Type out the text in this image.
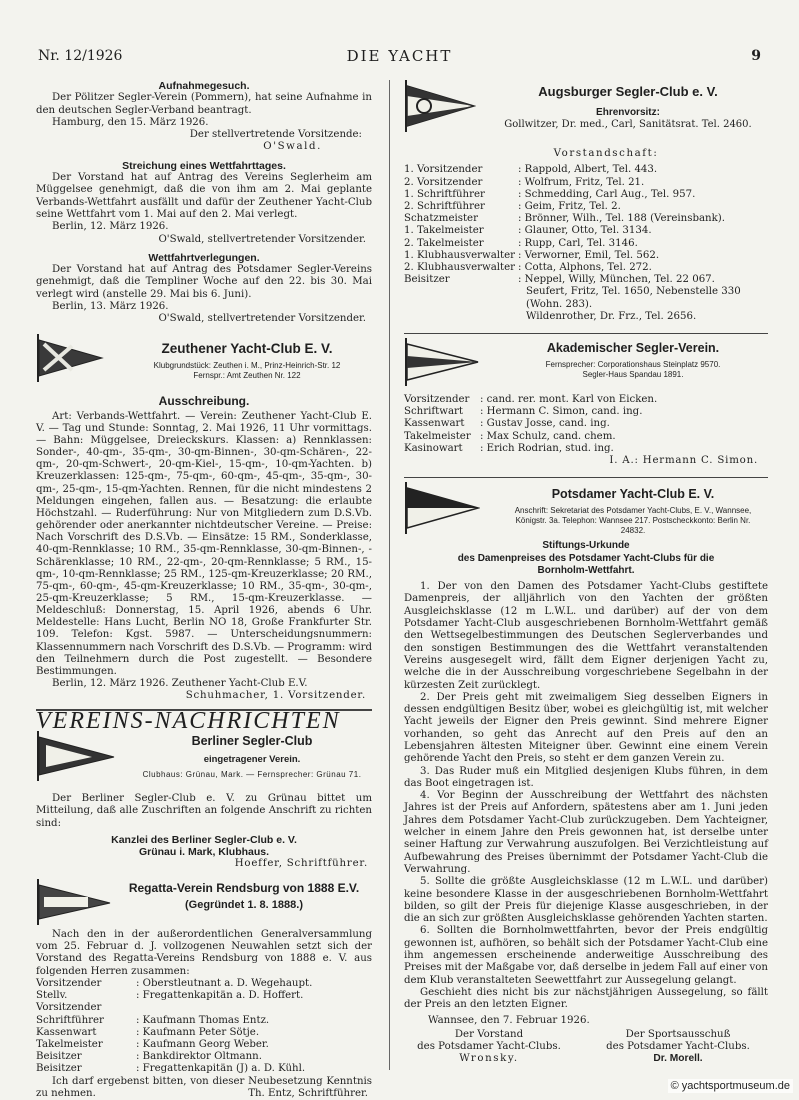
Nr. 12/1926	DIE YACHT	9

Aufnahmegesuch.

Der Pölitzer Segler-Verein (Pommern), hat seine Aufnahme in den deutschen Segler-Verband beantragt.

Hamburg, den 15. März 1926.

Der stellvertretende Vorsitzende:

O'Swald.

Streichung eines Wettfahrttages.

Der Vorstand hat auf Antrag des Vereins Seglerheim am Müggelsee genehmigt, daß die von ihm am 2. Mai geplante Verbands-Wettfahrt ausfällt und dafür der Zeuthener Yacht-Club seine Wettfahrt vom 1. Mai auf den 2. Mai verlegt.

Berlin, 12. März 1926.

O'Swald, stellvertretender Vorsitzender.

Wettfahrtverlegungen.

Der Vorstand hat auf Antrag des Potsdamer Segler-Vereins genehmigt, daß die Templiner Woche auf den 22. bis 30. Mai verlegt wird (anstelle 29. Mai bis 6. Juni).

Berlin, 13. März 1926.

O'Swald, stellvertretender Vorsitzender.

Zeuthener Yacht-Club E. V.
Klubgrundstück: Zeuthen i. M., Prinz-Heinrich-Str. 12
Fernspr.: Amt Zeuthen Nr. 122

Ausschreibung.

Art: Verbands-Wettfahrt. — Verein: Zeuthener Yacht-Club E. V. — Tag und Stunde: Sonntag, 2. Mai 1926, 11 Uhr vormittags. — Bahn: Müggelsee, Dreieckskurs. Klassen: a) Rennklassen: Sonder-, 40-qm-, 35-qm-, 30-qm-Binnen-, 30-qm-Schären-, 22-qm-, 20-qm-Schwert-, 20-qm-Kiel-, 15-qm-, 10-qm-Yachten. b) Kreuzerklassen: 125-qm-, 75-qm-, 60-qm-, 45-qm-, 35-qm-, 30-qm-, 25-qm-, 15-qm-Yachten. Rennen, für die nicht mindestens 2 Meldungen eingehen, fallen aus. — Besatzung: die erlaubte Höchstzahl. — Ruderführung: Nur von Mitgliedern zum D.S.Vb. gehörender oder anerkannter nichtdeutscher Vereine. — Preise: Nach Vorschrift des D.S.Vb. — Einsätze: 15 RM., Sonderklasse, 40-qm-Rennklasse; 10 RM., 35-qm-Rennklasse, 30-qm-Binnen-, -Schärenklasse; 10 RM., 22-qm-, 20-qm-Rennklasse; 5 RM., 15-qm-, 10-qm-Rennklasse; 25 RM., 125-qm-Kreuzerklasse; 20 RM., 75-qm-, 60-qm-, 45-qm-Kreuzerklasse; 10 RM., 35-qm-, 30-qm-, 25-qm-Kreuzerklasse; 5 RM., 15-qm-Kreuzerklasse. — Meldeschluß: Donnerstag, 15. April 1926, abends 6 Uhr. Meldestelle: Hans Lucht, Berlin NO 18, Große Frankfurter Str. 109. Telefon: Kgst. 5987. — Unterscheidungsnummern: Klassennummern nach Vorschrift des D.S.Vb. — Programm: wird den Teilnehmern durch die Post zugestellt. — Besondere Bestimmungen.

Berlin, 12. März 1926. Zeuthener Yacht-Club E.V.

Schuhmacher, 1. Vorsitzender.

VEREINS-NACHRICHTEN
Berliner Segler-Club
eingetragener Verein.
Clubhaus: Grünau, Mark. — Fernsprecher: Grünau 71.

Der Berliner Segler-Club e. V. zu Grünau bittet um Mitteilung, daß alle Zuschriften an folgende Anschrift zu richten sind:

Kanzlei des Berliner Segler-Club e. V.

Grünau i. Mark, Klubhaus.

Hoeffer, Schriftführer.

Regatta-Verein Rendsburg von 1888 E.V.
(Gegründet 1. 8. 1888.)

Nach den in der außerordentlichen Generalversammlung vom 25. Februar d. J. vollzogenen Neuwahlen setzt sich der Vorstand des Regatta-Vereins Rendsburg von 1888 e. V. aus folgenden Herren zusammen:

Vorsitzender	: Oberstleutnant a. D. Wegehaupt.
Stellv. Vorsitzender	: Fregattenkapitän a. D. Hoffert.
Schriftführer	: Kaufmann Thomas Entz.
Kassenwart	: Kaufmann Peter Sötje.
Takelmeister	: Kaufmann Georg Weber.
Beisitzer	: Bankdirektor Oltmann.
Beisitzer	: Fregattenkapitän (J) a. D. Kühl.

Ich darf ergebenst bitten, von dieser Neubesetzung Kenntnis zu nehmen.	Th. Entz, Schriftführer.

Augsburger Segler-Club e. V.
Ehrenvorsitz:
Gollwitzer, Dr. med., Carl, Sanitätsrat. Tel. 2460.

Vorstandschaft:

1. Vorsitzender	: Rappold, Albert, Tel. 443.
2. Vorsitzender	: Wolfrum, Fritz, Tel. 21.
1. Schriftführer	: Schmedding, Carl Aug., Tel. 957.
2. Schriftführer	: Geim, Fritz, Tel. 2.
Schatzmeister	: Brönner, Wilh., Tel. 188 (Vereinsbank).
1. Takelmeister	: Glauner, Otto, Tel. 3134.
2. Takelmeister	: Rupp, Carl, Tel. 3146.
1. Klubhausverwalter	: Verworner, Emil, Tel. 562.
2. Klubhausverwalter	: Cotta, Alphons, Tel. 272.
Beisitzer	: Neppel, Willy, München, Tel. 22 067.
	Seufert, Fritz, Tel. 1650, Nebenstelle 330 (Wohn. 283).
	Wildenrother, Dr. Frz., Tel. 2656.
Akademischer Segler-Verein.
Fernsprecher: Corporationshaus Steinplatz 9570.
Segler-Haus Spandau 1891.
Vorsitzender	: cand. rer. mont. Karl von Eicken.
Schriftwart	: Hermann C. Simon, cand. ing.
Kassenwart	: Gustav Josse, cand. ing.
Takelmeister	: Max Schulz, cand. chem.
Kasinowart	: Erich Rodrian, stud. ing.

I. A.: Hermann C. Simon.

Potsdamer Yacht-Club E. V.
Anschrift: Sekretariat des Potsdamer Yacht-Clubs, E. V., Wannsee, Königstr. 3a. Telephon: Wannsee 217. Postscheckkonto: Berlin Nr. 24832.

Stiftungs-Urkunde

des Damenpreises des Potsdamer Yacht-Clubs für die

Bornholm-Wettfahrt.

1. Der von den Damen des Potsdamer Yacht-Clubs gestiftete Damenpreis, der alljährlich von den Yachten der größten Ausgleichsklasse (12 m L.W.L. und darüber) auf der von dem Potsdamer Yacht-Club ausgeschriebenen Bornholm-Wettfahrt gemäß den Wettsegelbestimmungen des Deutschen Seglerverbandes und den sonstigen Bestimmungen des die Wettfahrt veranstaltenden Vereins ausgesegelt wird, fällt dem Eigner derjenigen Yacht zu, welche die in der Ausschreibung vorgeschriebene Segelbahn in der kürzesten Zeit zurücklegt.

2. Der Preis geht mit zweimaligem Sieg desselben Eigners in dessen endgültigen Besitz über, wobei es gleichgültig ist, mit welcher Yacht jeweils der Eigner den Preis gewinnt. Sind mehrere Eigner vorhanden, so geht das Anrecht auf den Preis auf den an Lebensjahren ältesten Miteigner über. Gewinnt eine einem Verein gehörende Yacht den Preis, so steht er dem ganzen Verein zu.

3. Das Ruder muß ein Mitglied desjenigen Klubs führen, in dem das Boot eingetragen ist.

4. Vor Beginn der Ausschreibung der Wettfahrt des nächsten Jahres ist der Preis auf Anfordern, spätestens aber am 1. Juni jeden Jahres dem Potsdamer Yacht-Club zurückzugeben. Dem Yachteigner, welcher in einem Jahre den Preis gewonnen hat, ist derselbe unter seiner Haftung zur Verwahrung auszufolgen. Bei Verzichtleistung auf Aufbewahrung des Preises übernimmt der Potsdamer Yacht-Club die Verwahrung.

5. Sollte die größte Ausgleichsklasse (12 m L.W.L. und darüber) keine besondere Klasse in der ausgeschriebenen Bornholm-Wettfahrt bilden, so gilt der Preis für diejenige Klasse ausgeschrieben, in der die an sich zur größten Ausgleichsklasse gehörenden Yachten starten.

6. Sollten die Bornholmwettfahrten, bevor der Preis endgültig gewonnen ist, aufhören, so behält sich der Potsdamer Yacht-Club eine ihm angemessen erscheinende anderweitige Ausschreibung des Preises mit der Maßgabe vor, daß derselbe in jedem Fall auf einer von dem Klub veranstalteten Seewettfahrt zur Aussegelung gelangt.

Geschieht dies nicht bis zur nächstjährigen Aussegelung, so fällt der Preis an den letzten Eigner.

Wannsee, den 7. Februar 1926.

Der Vorstand
des Potsdamer Yacht-Clubs.
Wronsky.
Der Sportsausschuß
des Potsdamer Yacht-Clubs.
Dr. Morell.
© yachtsportmuseum.de
